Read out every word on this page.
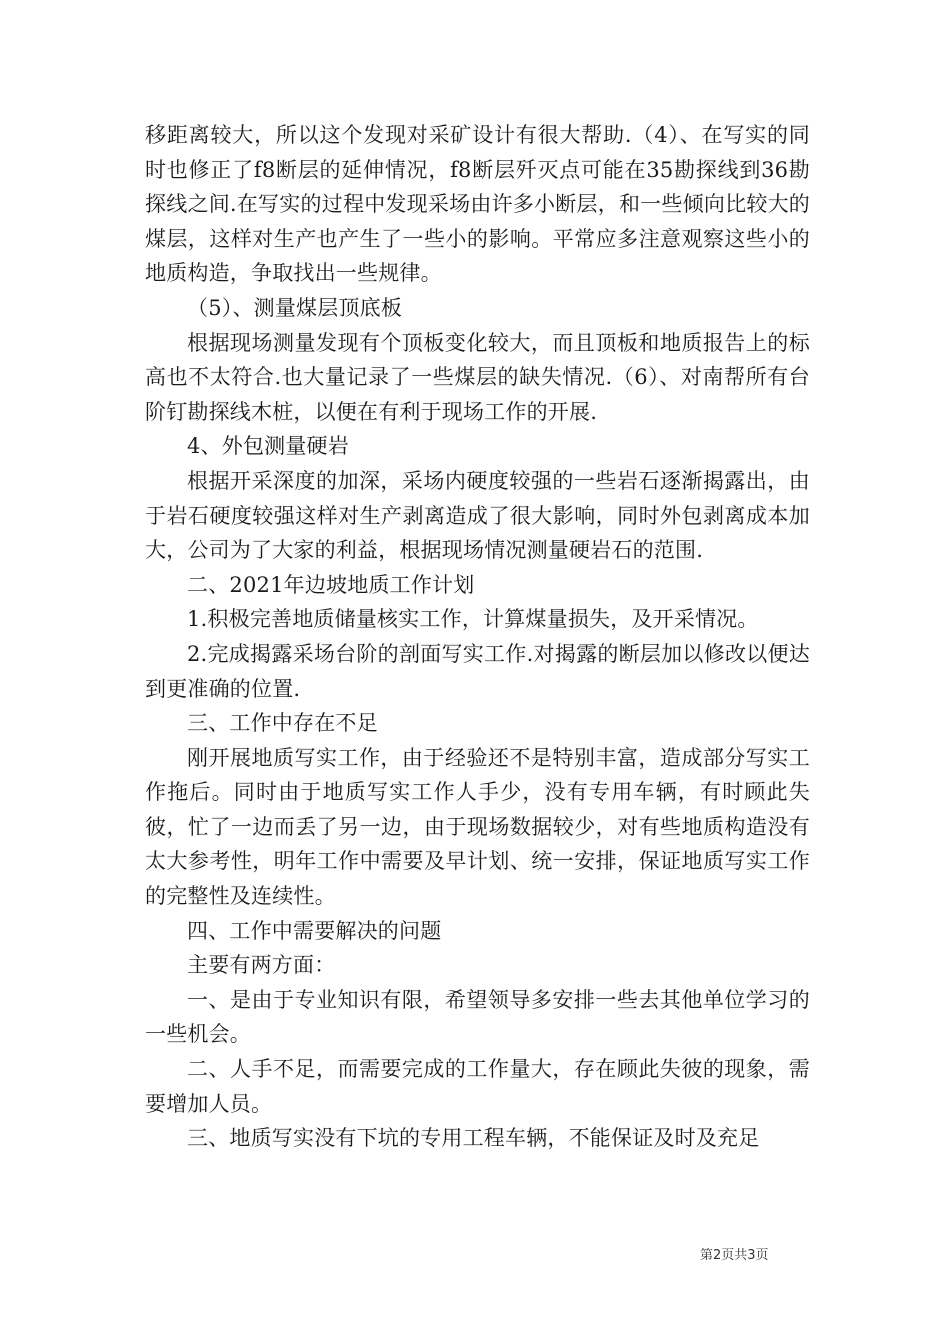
移距离较大，所以这个发现对采矿设计有很大帮助.（4）、在写实的同时也修正了f8断层的延伸情况，f8断层歼灭点可能在35勘探线到36勘探线之间.在写实的过程中发现采场由许多小断层，和一些倾向比较大的煤层，这样对生产也产生了一些小的影响。平常应多注意观察这些小的地质构造，争取找出一些规律。

（5）、测量煤层顶底板

根据现场测量发现有个顶板变化较大，而且顶板和地质报告上的标高也不太符合.也大量记录了一些煤层的缺失情况.（6）、对南帮所有台阶钉勘探线木桩，以便在有利于现场工作的开展.

4、外包测量硬岩

根据开采深度的加深，采场内硬度较强的一些岩石逐渐揭露出，由于岩石硬度较强这样对生产剥离造成了很大影响，同时外包剥离成本加大，公司为了大家的利益，根据现场情况测量硬岩石的范围.

二、2021年边坡地质工作计划

1.积极完善地质储量核实工作，计算煤量损失，及开采情况。

2.完成揭露采场台阶的剖面写实工作.对揭露的断层加以修改以便达到更准确的位置.

三、工作中存在不足

刚开展地质写实工作，由于经验还不是特别丰富，造成部分写实工作拖后。同时由于地质写实工作人手少，没有专用车辆，有时顾此失彼，忙了一边而丢了另一边，由于现场数据较少，对有些地质构造没有太大参考性，明年工作中需要及早计划、统一安排，保证地质写实工作的完整性及连续性。

四、工作中需要解决的问题

主要有两方面：

一、是由于专业知识有限，希望领导多安排一些去其他单位学习的一些机会。

二、人手不足，而需要完成的工作量大，存在顾此失彼的现象，需要增加人员。

三、地质写实没有下坑的专用工程车辆，不能保证及时及充足

第2页共3页
